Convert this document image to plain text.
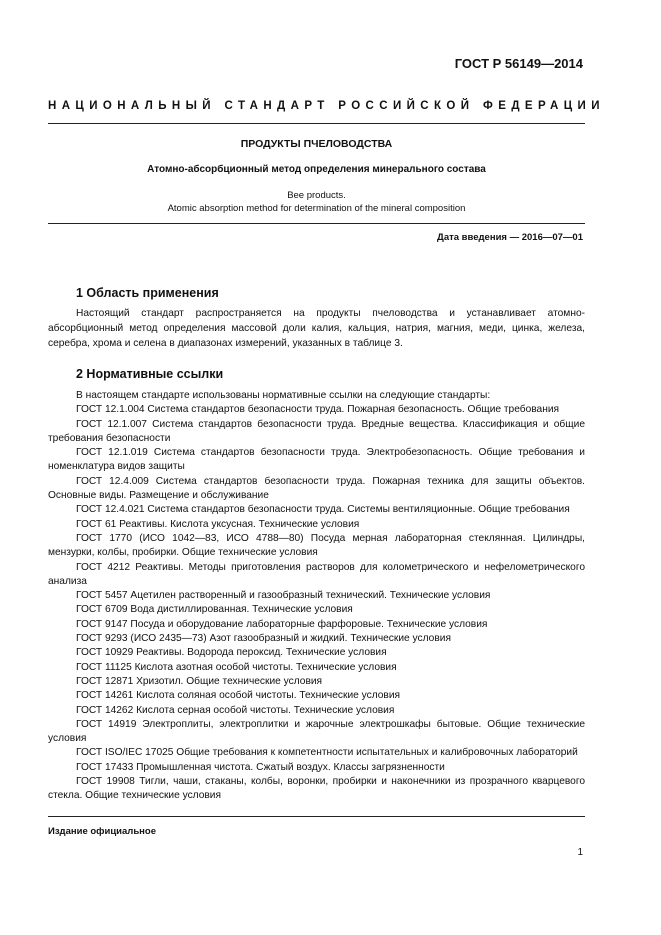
ГОСТ Р 56149—2014
НАЦИОНАЛЬНЫЙ СТАНДАРТ РОССИЙСКОЙ ФЕДЕРАЦИИ
ПРОДУКТЫ ПЧЕЛОВОДСТВА
Атомно-абсорбционный метод определения минерального состава
Bee products.
Atomic absorption method for determination of the mineral composition
Дата введения — 2016—07—01
1 Область применения

Настоящий стандарт распространяется на продукты пчеловодства и устанавливает атомно-абсорбционный метод определения массовой доли калия, кальция, натрия, магния, меди, цинка, железа, серебра, хрома и селена в диапазонах измерений, указанных в таблице 3.

2 Нормативные ссылки

В настоящем стандарте использованы нормативные ссылки на следующие стандарты:

ГОСТ 12.1.004 Система стандартов безопасности труда. Пожарная безопасность. Общие требования

ГОСТ 12.1.007 Система стандартов безопасности труда. Вредные вещества. Классификация и общие требования безопасности

ГОСТ 12.1.019 Система стандартов безопасности труда. Электробезопасность. Общие требования и номенклатура видов защиты

ГОСТ 12.4.009 Система стандартов безопасности труда. Пожарная техника для защиты объектов. Основные виды. Размещение и обслуживание

ГОСТ 12.4.021 Система стандартов безопасности труда. Системы вентиляционные. Общие требования

ГОСТ 61 Реактивы. Кислота уксусная. Технические условия

ГОСТ 1770 (ИСО 1042—83, ИСО 4788—80) Посуда мерная лабораторная стеклянная. Цилиндры, мензурки, колбы, пробирки. Общие технические условия

ГОСТ 4212 Реактивы. Методы приготовления растворов для колометрического и нефелометрического анализа

ГОСТ 5457 Ацетилен растворенный и газообразный технический. Технические условия

ГОСТ 6709 Вода дистиллированная. Технические условия

ГОСТ 9147 Посуда и оборудование лабораторные фарфоровые. Технические условия

ГОСТ 9293 (ИСО 2435—73) Азот газообразный и жидкий. Технические условия

ГОСТ 10929 Реактивы. Водорода пероксид. Технические условия

ГОСТ 11125 Кислота азотная особой чистоты. Технические условия

ГОСТ 12871 Хризотил. Общие технические условия

ГОСТ 14261 Кислота соляная особой чистоты. Технические условия

ГОСТ 14262 Кислота серная особой чистоты. Технические условия

ГОСТ 14919 Электроплиты, электроплитки и жарочные электрошкафы бытовые. Общие технические условия

ГОСТ ISO/IEC 17025 Общие требования к компетентности испытательных и калибровочных лабораторий

ГОСТ 17433 Промышленная чистота. Сжатый воздух. Классы загрязненности

ГОСТ 19908 Тигли, чаши, стаканы, колбы, воронки, пробирки и наконечники из прозрачного кварцевого стекла. Общие технические условия

Издание официальное
1
